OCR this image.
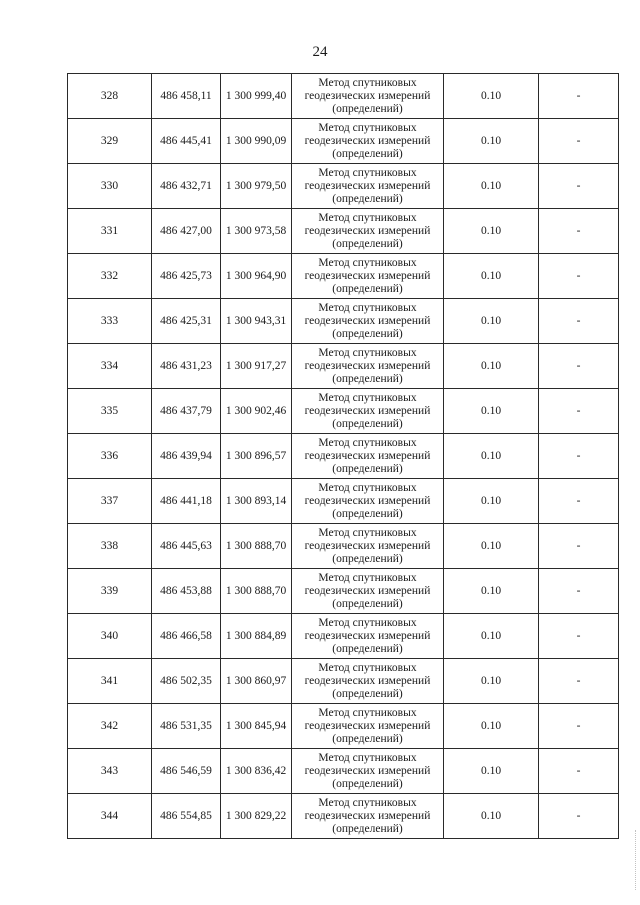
24
328	486 458,11	1 300 999,40	Метод спутниковых
геодезических измерений
(определений)	0.10	-

329	486 445,41	1 300 990,09	Метод спутниковых
геодезических измерений
(определений)	0.10	-

330	486 432,71	1 300 979,50	Метод спутниковых
геодезических измерений
(определений)	0.10	-

331	486 427,00	1 300 973,58	Метод спутниковых
геодезических измерений
(определений)	0.10	-

332	486 425,73	1 300 964,90	Метод спутниковых
геодезических измерений
(определений)	0.10	-

333	486 425,31	1 300 943,31	Метод спутниковых
геодезических измерений
(определений)	0.10	-

334	486 431,23	1 300 917,27	Метод спутниковых
геодезических измерений
(определений)	0.10	-

335	486 437,79	1 300 902,46	Метод спутниковых
геодезических измерений
(определений)	0.10	-

336	486 439,94	1 300 896,57	Метод спутниковых
геодезических измерений
(определений)	0.10	-

337	486 441,18	1 300 893,14	Метод спутниковых
геодезических измерений
(определений)	0.10	-

338	486 445,63	1 300 888,70	Метод спутниковых
геодезических измерений
(определений)	0.10	-

339	486 453,88	1 300 888,70	Метод спутниковых
геодезических измерений
(определений)	0.10	-

340	486 466,58	1 300 884,89	Метод спутниковых
геодезических измерений
(определений)	0.10	-

341	486 502,35	1 300 860,97	Метод спутниковых
геодезических измерений
(определений)	0.10	-

342	486 531,35	1 300 845,94	Метод спутниковых
геодезических измерений
(определений)	0.10	-

343	486 546,59	1 300 836,42	Метод спутниковых
геодезических измерений
(определений)	0.10	-

344	486 554,85	1 300 829,22	Метод спутниковых
геодезических измерений
(определений)	0.10	-
